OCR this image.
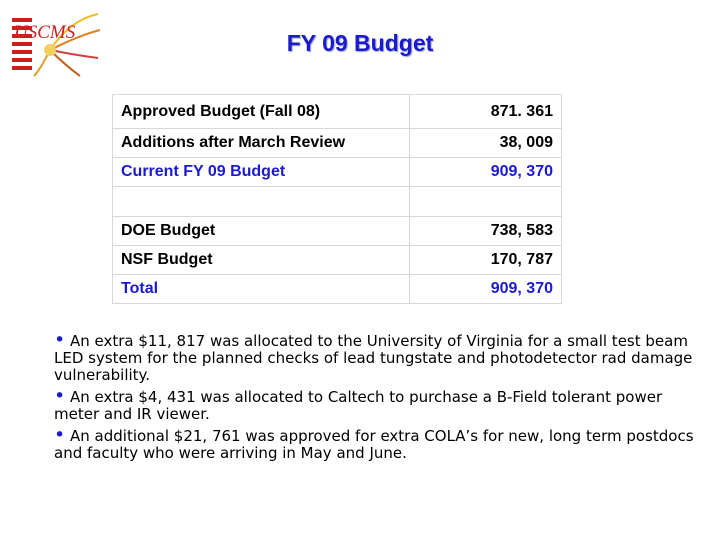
USCMS	FY 09 Budget
Approved Budget (Fall 08)	871. 361
Additions after March Review	38, 009
Current FY 09 Budget	909, 370

DOE Budget	738, 583
NSF Budget	170, 787
Total	909, 370
• An extra $11, 817 was allocated to the University of Virginia for a small test beam LED system for the planned checks of lead tungstate and photodetector rad damage vulnerability.
• An extra $4, 431 was allocated to Caltech to purchase a B-Field tolerant power meter and IR viewer.
• An additional $21, 761 was approved for extra COLA’s for new, long term postdocs and faculty who were arriving in May and June.
